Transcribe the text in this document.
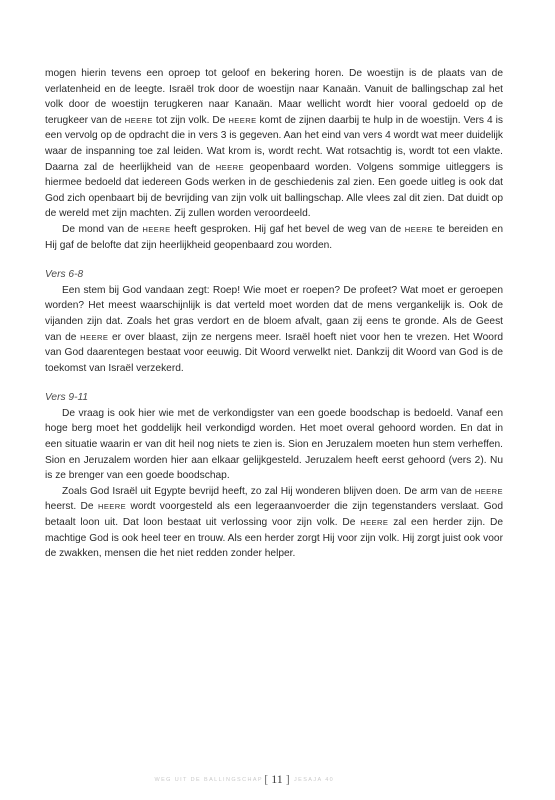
mogen hierin tevens een oproep tot geloof en bekering horen. De woestijn is de plaats van de verlatenheid en de leegte. Israël trok door de woestijn naar Kanaän. Vanuit de ballingschap zal het volk door de woestijn terugkeren naar Kanaän. Maar wellicht wordt hier vooral gedoeld op de terugkeer van de HEERE tot zijn volk. De HEERE komt de zijnen daarbij te hulp in de woestijn. Vers 4 is een vervolg op de opdracht die in vers 3 is gegeven. Aan het eind van vers 4 wordt wat meer duidelijk waar de inspanning toe zal leiden. Wat krom is, wordt recht. Wat rotsachtig is, wordt tot een vlakte. Daarna zal de heerlijkheid van de HEERE geopenbaard worden. Volgens sommige uitleggers is hiermee bedoeld dat iedereen Gods werken in de geschiedenis zal zien. Een goede uitleg is ook dat God zich openbaart bij de bevrijding van zijn volk uit ballingschap. Alle vlees zal dit zien. Dat duidt op de wereld met zijn machten. Zij zullen worden veroordeeld.

De mond van de HEERE heeft gesproken. Hij gaf het bevel de weg van de HEERE te bereiden en Hij gaf de belofte dat zijn heerlijkheid geopenbaard zou worden.

Vers 6-8

Een stem bij God vandaan zegt: Roep! Wie moet er roepen? De profeet? Wat moet er geroepen worden? Het meest waarschijnlijk is dat verteld moet worden dat de mens vergankelijk is. Ook de vijanden zijn dat. Zoals het gras verdort en de bloem afvalt, gaan zij eens te gronde. Als de Geest van de HEERE er over blaast, zijn ze nergens meer. Israël hoeft niet voor hen te vrezen. Het Woord van God daarentegen bestaat voor eeuwig. Dit Woord verwelkt niet. Dankzij dit Woord van God is de toekomst van Israël verzekerd.

Vers 9-11

De vraag is ook hier wie met de verkondigster van een goede boodschap is bedoeld. Vanaf een hoge berg moet het goddelijk heil verkondigd worden. Het moet overal gehoord worden. En dat in een situatie waarin er van dit heil nog niets te zien is. Sion en Jeruzalem moeten hun stem verheffen. Sion en Jeruzalem worden hier aan elkaar gelijkgesteld. Jeruzalem heeft eerst gehoord (vers 2). Nu is ze brenger van een goede boodschap.

Zoals God Israël uit Egypte bevrijd heeft, zo zal Hij wonderen blijven doen. De arm van de HEERE heerst. De HEERE wordt voorgesteld als een legeraanvoerder die zijn tegenstanders verslaat. God betaalt loon uit. Dat loon bestaat uit verlossing voor zijn volk. De HEERE zal een herder zijn. De machtige God is ook heel teer en trouw. Als een herder zorgt Hij voor zijn volk. Hij zorgt juist ook voor de zwakken, mensen die het niet redden zonder helper.

WEG UIT DE BALLINGSCHAP [ 11 ] JESAJA 40
